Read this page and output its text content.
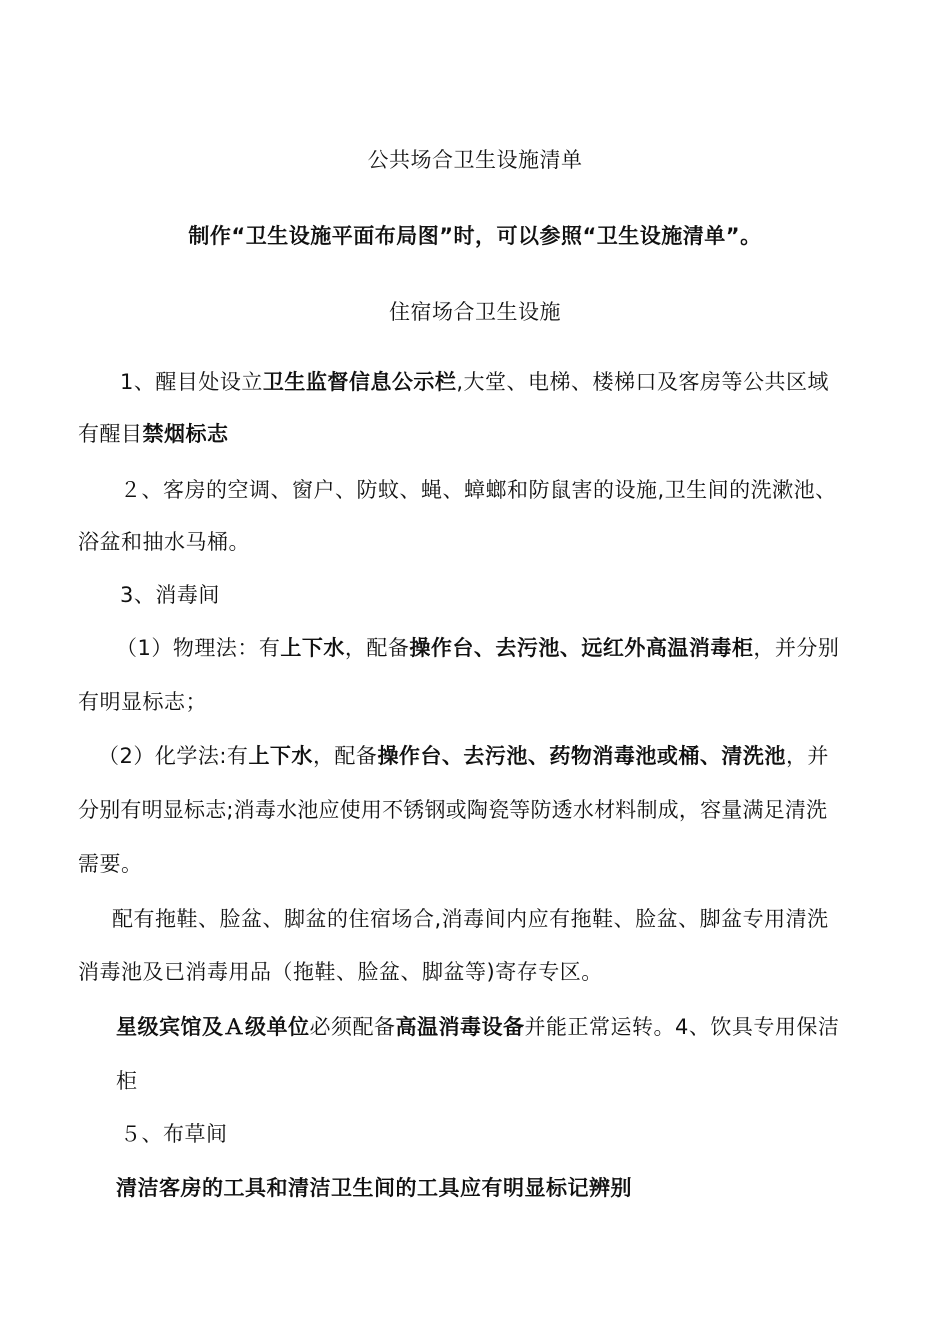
公共场合卫生设施清单
制作“卫生设施平面布局图”时，可以参照“卫生设施清单”。
住宿场合卫生设施
1、醒目处设立卫生监督信息公示栏,大堂、电梯、楼梯口及客房等公共区域
有醒目禁烟标志
２、客房的空调、窗户、防蚊、蝇、蟑螂和防鼠害的设施,卫生间的洗漱池、
浴盆和抽水马桶。
3、消毒间
（1）物理法：有上下水，配备操作台、去污池、远红外高温消毒柜，并分别
有明显标志；
（2）化学法:有上下水，配备操作台、去污池、药物消毒池或桶、清洗池，并
分别有明显标志;消毒水池应使用不锈钢或陶瓷等防透水材料制成，容量满足清洗
需要。
配有拖鞋、脸盆、脚盆的住宿场合,消毒间内应有拖鞋、脸盆、脚盆专用清洗
消毒池及已消毒用品（拖鞋、脸盆、脚盆等)寄存专区。
星级宾馆及Ａ级单位必须配备高温消毒设备并能正常运转。4、饮具专用保洁
柜
５、布草间
清洁客房的工具和清洁卫生间的工具应有明显标记辨别
